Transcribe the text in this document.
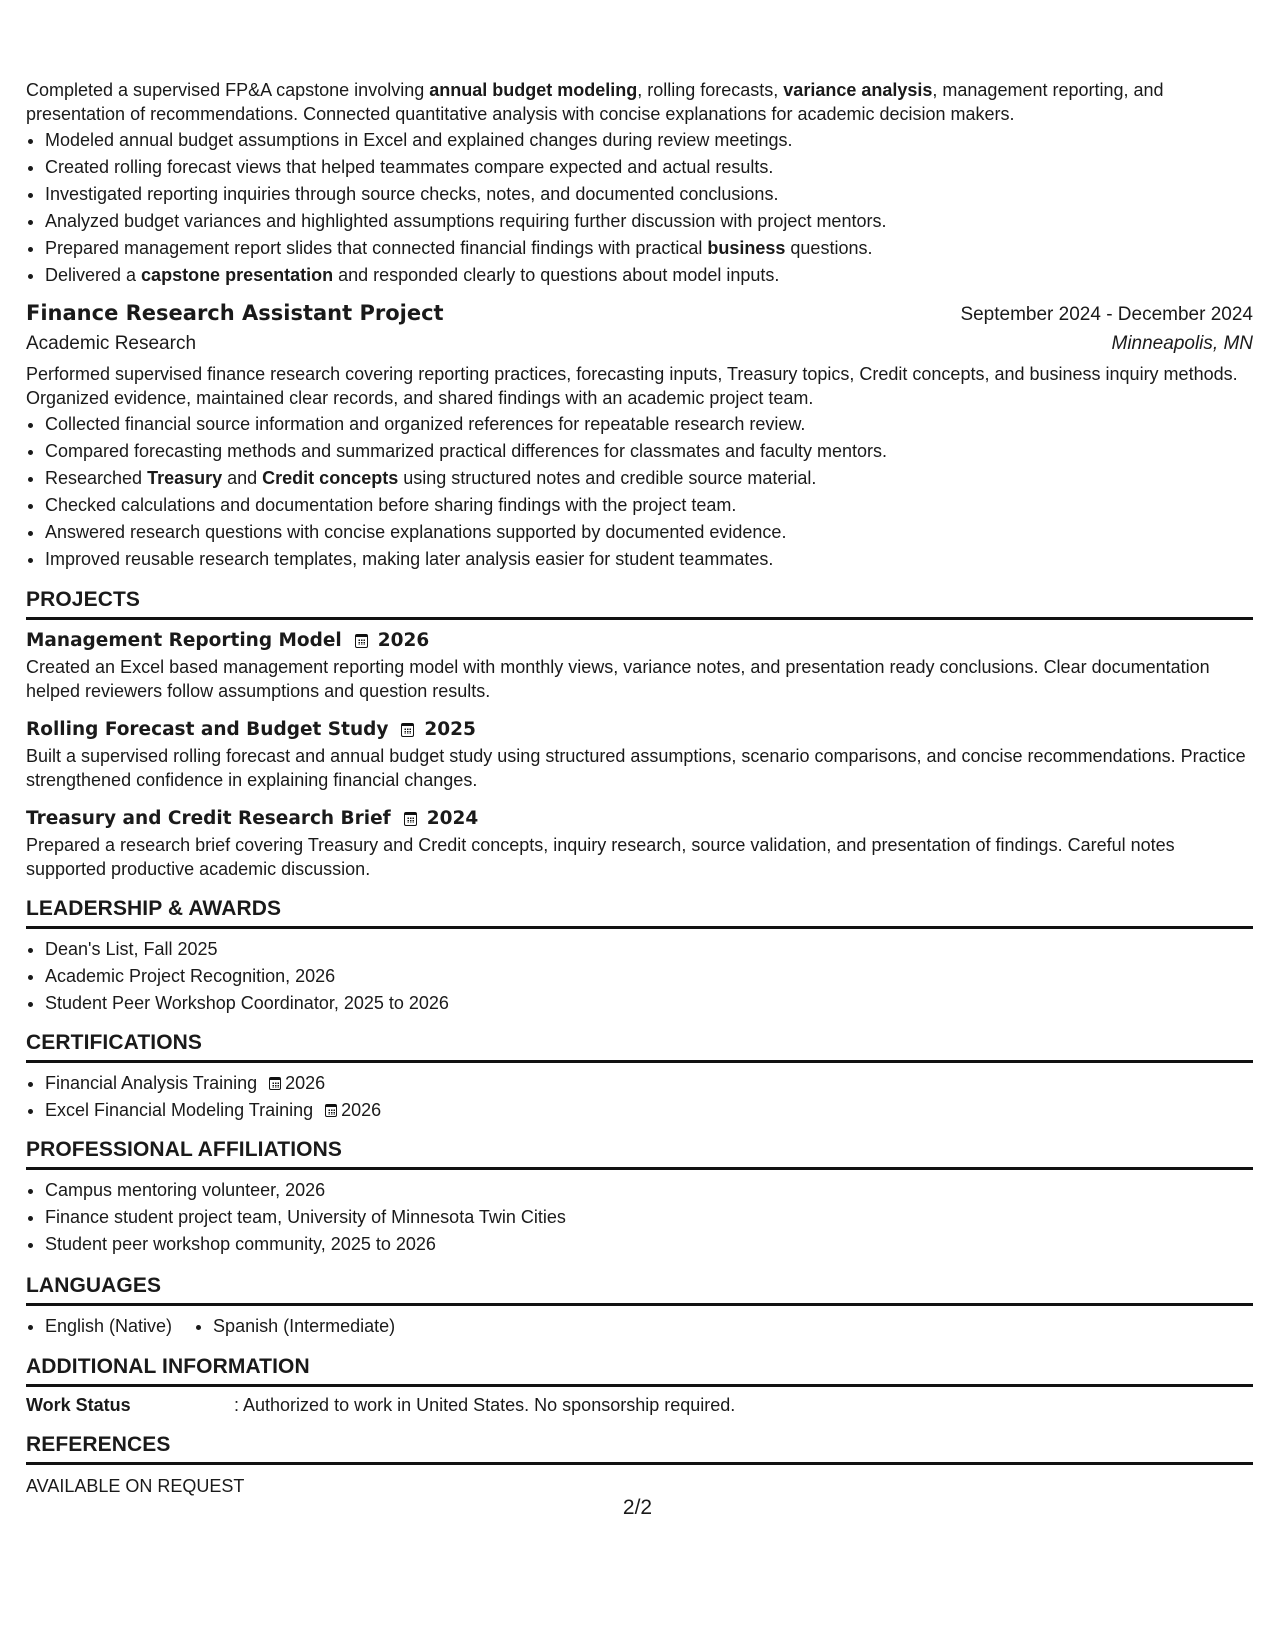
Completed a supervised FP&A capstone involving annual budget modeling, rolling forecasts, variance analysis, management reporting, and presentation of recommendations. Connected quantitative analysis with concise explanations for academic decision makers.

Modeled annual budget assumptions in Excel and explained changes during review meetings.
Created rolling forecast views that helped teammates compare expected and actual results.
Investigated reporting inquiries through source checks, notes, and documented conclusions.
Analyzed budget variances and highlighted assumptions requiring further discussion with project mentors.
Prepared management report slides that connected financial findings with practical business questions.
Delivered a capstone presentation and responded clearly to questions about model inputs.
Finance Research Assistant Project	September 2024 - December 2024
Academic Research	Minneapolis, MN

Performed supervised finance research covering reporting practices, forecasting inputs, Treasury topics, Credit concepts, and business inquiry methods. Organized evidence, maintained clear records, and shared findings with an academic project team.

Collected financial source information and organized references for repeatable research review.
Compared forecasting methods and summarized practical differences for classmates and faculty mentors.
Researched Treasury and Credit concepts using structured notes and credible source material.
Checked calculations and documentation before sharing findings with the project team.
Answered research questions with concise explanations supported by documented evidence.
Improved reusable research templates, making later analysis easier for student teammates.
PROJECTS
Management Reporting Model 2026

Created an Excel based management reporting model with monthly views, variance notes, and presentation ready conclusions. Clear documentation helped reviewers follow assumptions and question results.

Rolling Forecast and Budget Study 2025

Built a supervised rolling forecast and annual budget study using structured assumptions, scenario comparisons, and concise recommendations. Practice strengthened confidence in explaining financial changes.

Treasury and Credit Research Brief 2024

Prepared a research brief covering Treasury and Credit concepts, inquiry research, source validation, and presentation of findings. Careful notes supported productive academic discussion.

LEADERSHIP & AWARDS
Dean's List, Fall 2025
Academic Project Recognition, 2026
Student Peer Workshop Coordinator, 2025 to 2026
CERTIFICATIONS
Financial Analysis Training 2026
Excel Financial Modeling Training 2026
PROFESSIONAL AFFILIATIONS
Campus mentoring volunteer, 2026
Finance student project team, University of Minnesota Twin Cities
Student peer workshop community, 2025 to 2026
LANGUAGES
English (Native)	Spanish (Intermediate)
ADDITIONAL INFORMATION
Work Status	: Authorized to work in United States. No sponsorship required.
REFERENCES

AVAILABLE ON REQUEST

2/2
